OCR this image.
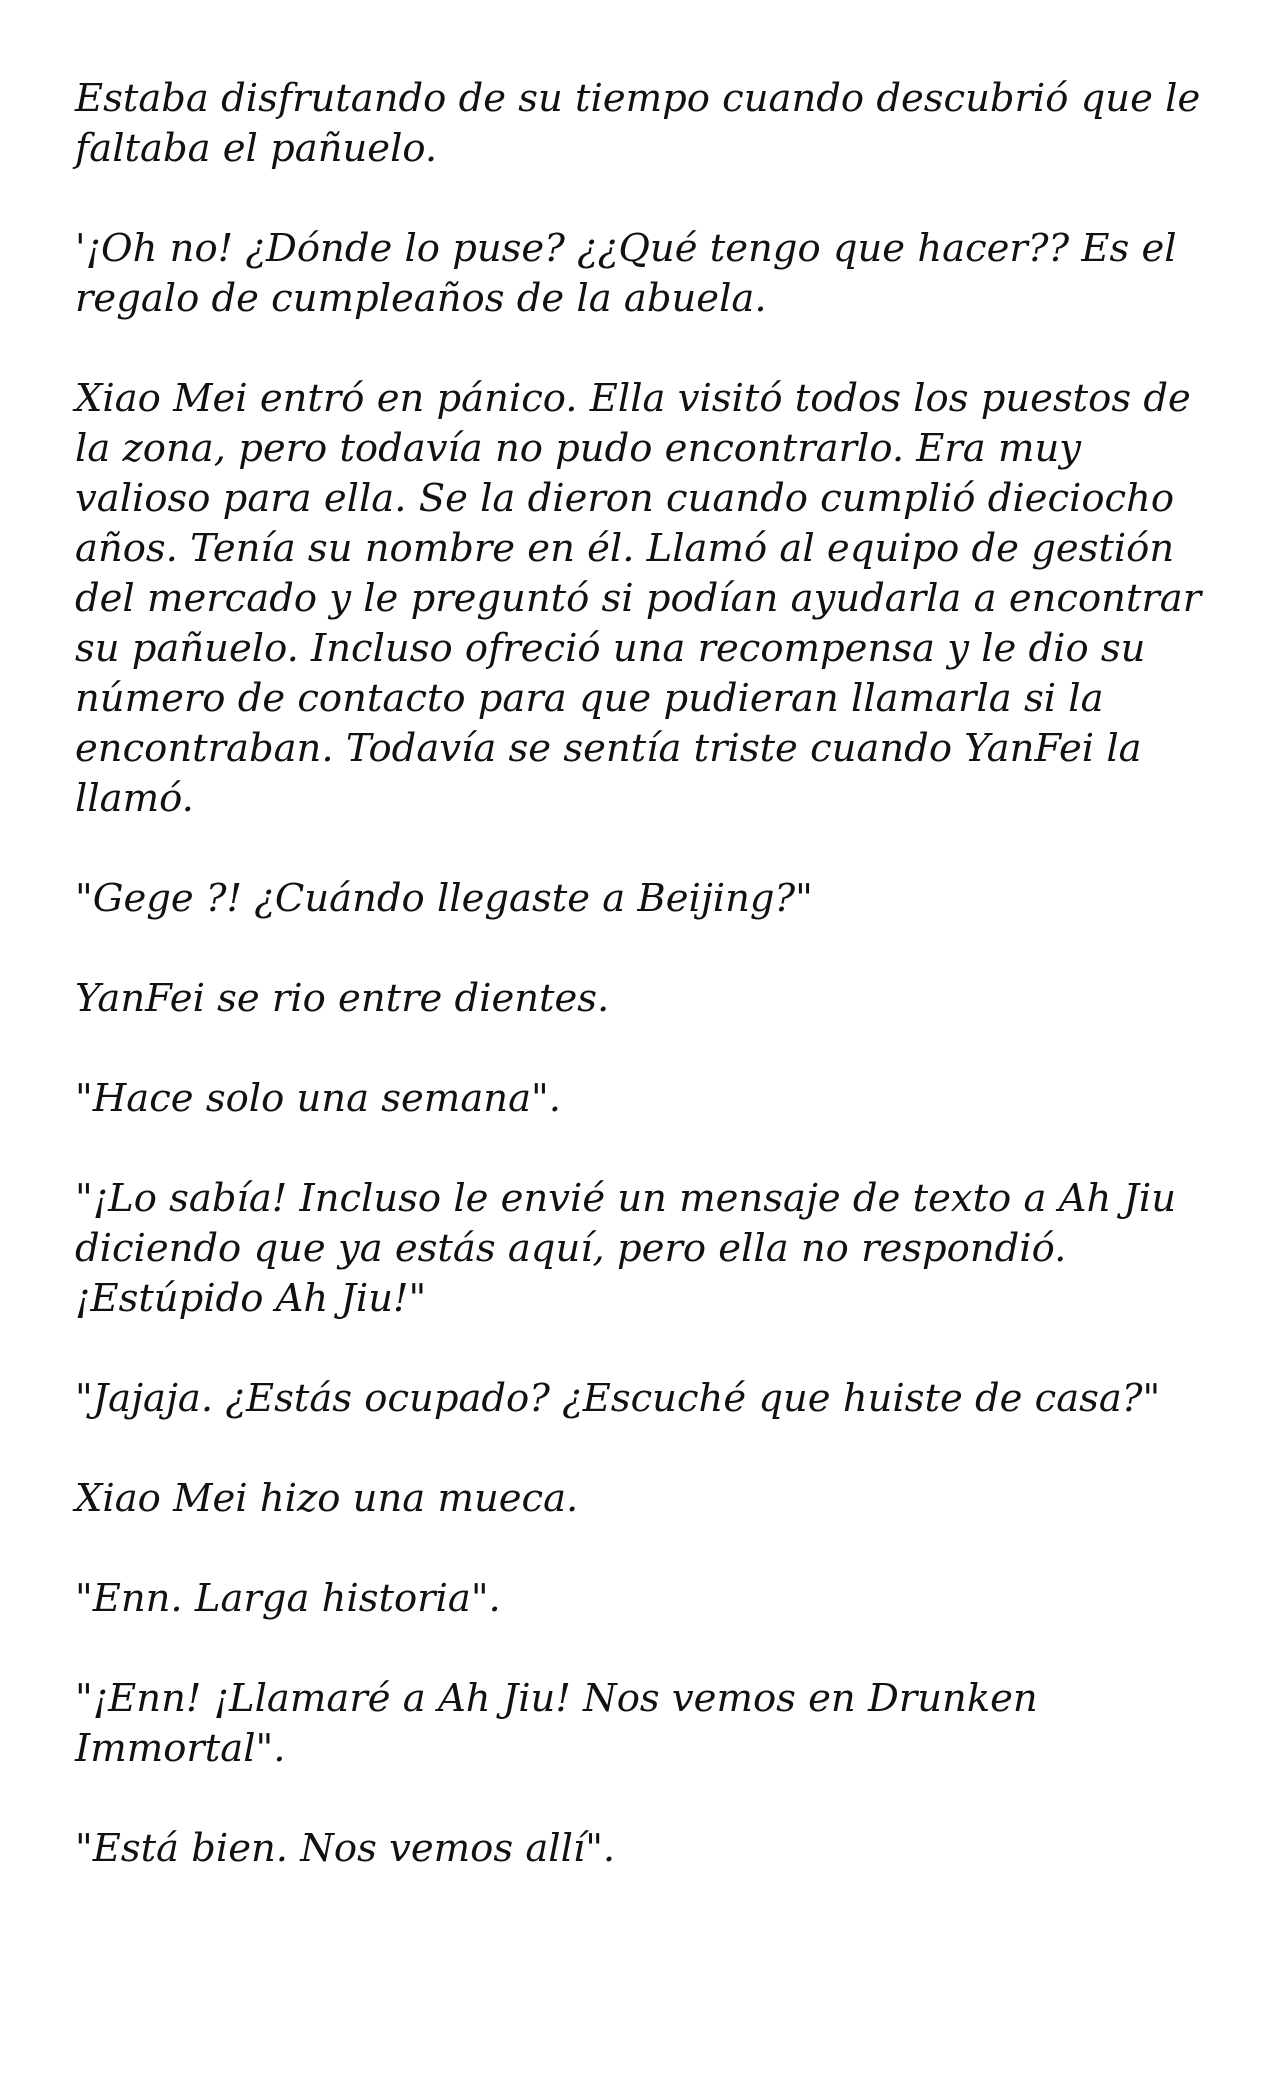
Estaba disfrutando de su tiempo cuando descubrió que le faltaba el pañuelo.

'¡Oh no! ¿Dónde lo puse? ¿¿Qué tengo que hacer?? Es el regalo de cumpleaños de la abuela.

Xiao Mei entró en pánico. Ella visitó todos los puestos de la zona, pero todavía no pudo encontrarlo. Era muy valioso para ella. Se la dieron cuando cumplió dieciocho años. Tenía su nombre en él. Llamó al equipo de gestión del mercado y le preguntó si podían ayudarla a encontrar su pañuelo. Incluso ofreció una recompensa y le dio su número de contacto para que pudieran llamarla si la encontraban. Todavía se sentía triste cuando YanFei la llamó.

"Gege ?! ¿Cuándo llegaste a Beijing?"

YanFei se rio entre dientes.

"Hace solo una semana".

"¡Lo sabía! Incluso le envié un mensaje de texto a Ah Jiu diciendo que ya estás aquí, pero ella no respondió. ¡Estúpido Ah Jiu!"

"Jajaja. ¿Estás ocupado? ¿Escuché que huiste de casa?"

Xiao Mei hizo una mueca.

"Enn. Larga historia".

"¡Enn! ¡Llamaré a Ah Jiu! Nos vemos en Drunken Immortal".

"Está bien. Nos vemos allí".
